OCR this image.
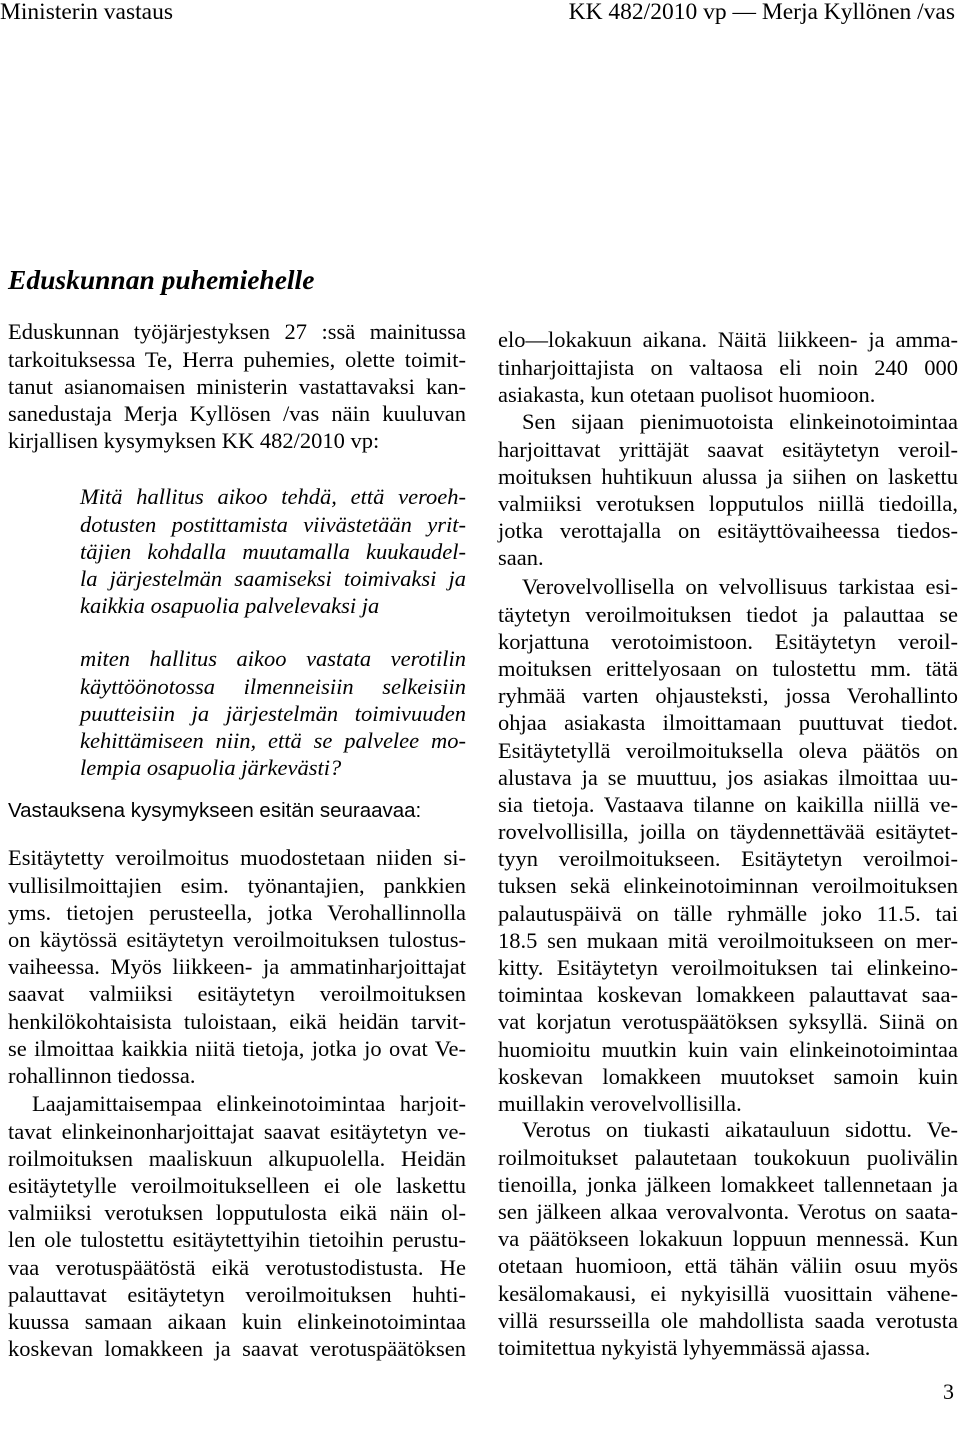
Ministerin vastaus	KK 482/2010 vp — Merja Kyllönen /vas
Eduskunnan puhemiehelle
Eduskunnan työjärjestyksen 27 :ssä mainitussa
tarkoituksessa Te, Herra puhemies, olette toimit-
tanut asianomaisen ministerin vastattavaksi kan-
sanedustaja Merja Kyllösen /vas näin kuuluvan
kirjallisen kysymyksen KK 482/2010 vp:
Mitä hallitus aikoo tehdä, että veroeh-
dotusten postittamista viivästetään yrit-
täjien kohdalla muutamalla kuukaudel-
la järjestelmän saamiseksi toimivaksi ja
kaikkia osapuolia palvelevaksi ja
miten hallitus aikoo vastata verotilin
käyttöönotossa ilmenneisiin selkeisiin
puutteisiin ja järjestelmän toimivuuden
kehittämiseen niin, että se palvelee mo-
lempia osapuolia järkevästi?
Vastauksena kysymykseen esitän seuraavaa:
Esitäytetty veroilmoitus muodostetaan niiden si-
vullisilmoittajien esim. työnantajien, pankkien
yms. tietojen perusteella, jotka Verohallinnolla
on käytössä esitäytetyn veroilmoituksen tulostus-
vaiheessa. Myös liikkeen- ja ammatinharjoittajat
saavat valmiiksi esitäytetyn veroilmoituksen
henkilökohtaisista tuloistaan, eikä heidän tarvit-
se ilmoittaa kaikkia niitä tietoja, jotka jo ovat Ve-
rohallinnon tiedossa.
Laajamittaisempaa elinkeinotoimintaa harjoit-
tavat elinkeinonharjoittajat saavat esitäytetyn ve-
roilmoituksen maaliskuun alkupuolella. Heidän
esitäytetylle veroilmoitukselleen ei ole laskettu
valmiiksi verotuksen lopputulosta eikä näin ol-
len ole tulostettu esitäytettyihin tietoihin perustu-
vaa verotuspäätöstä eikä verotustodistusta. He
palauttavat esitäytetyn veroilmoituksen huhti-
kuussa samaan aikaan kuin elinkeinotoimintaa
koskevan lomakkeen ja saavat verotuspäätöksen
elo—lokakuun aikana. Näitä liikkeen- ja amma-
tinharjoittajista on valtaosa eli noin 240 000
asiakasta, kun otetaan puolisot huomioon.
Sen sijaan pienimuotoista elinkeinotoimintaa
harjoittavat yrittäjät saavat esitäytetyn veroil-
moituksen huhtikuun alussa ja siihen on laskettu
valmiiksi verotuksen lopputulos niillä tiedoilla,
jotka verottajalla on esitäyttövaiheessa tiedos-
saan.
Verovelvollisella on velvollisuus tarkistaa esi-
täytetyn veroilmoituksen tiedot ja palauttaa se
korjattuna verotoimistoon. Esitäytetyn veroil-
moituksen erittelyosaan on tulostettu mm. tätä
ryhmää varten ohjausteksti, jossa Verohallinto
ohjaa asiakasta ilmoittamaan puuttuvat tiedot.
Esitäytetyllä veroilmoituksella oleva päätös on
alustava ja se muuttuu, jos asiakas ilmoittaa uu-
sia tietoja. Vastaava tilanne on kaikilla niillä ve-
rovelvollisilla, joilla on täydennettävää esitäytet-
tyyn veroilmoitukseen. Esitäytetyn veroilmoi-
tuksen sekä elinkeinotoiminnan veroilmoituksen
palautuspäivä on tälle ryhmälle joko 11.5. tai
18.5 sen mukaan mitä veroilmoitukseen on mer-
kitty. Esitäytetyn veroilmoituksen tai elinkeino-
toimintaa koskevan lomakkeen palauttavat saa-
vat korjatun verotuspäätöksen syksyllä. Siinä on
huomioitu muutkin kuin vain elinkeinotoimintaa
koskevan lomakkeen muutokset samoin kuin
muillakin verovelvollisilla.
Verotus on tiukasti aikatauluun sidottu. Ve-
roilmoitukset palautetaan toukokuun puolivälin
tienoilla, jonka jälkeen lomakkeet tallennetaan ja
sen jälkeen alkaa verovalvonta. Verotus on saata-
va päätökseen lokakuun loppuun mennessä. Kun
otetaan huomioon, että tähän väliin osuu myös
kesälomakausi, ei nykyisillä vuosittain vähene-
villä resursseilla ole mahdollista saada verotusta
toimitettua nykyistä lyhyemmässä ajassa.
3
